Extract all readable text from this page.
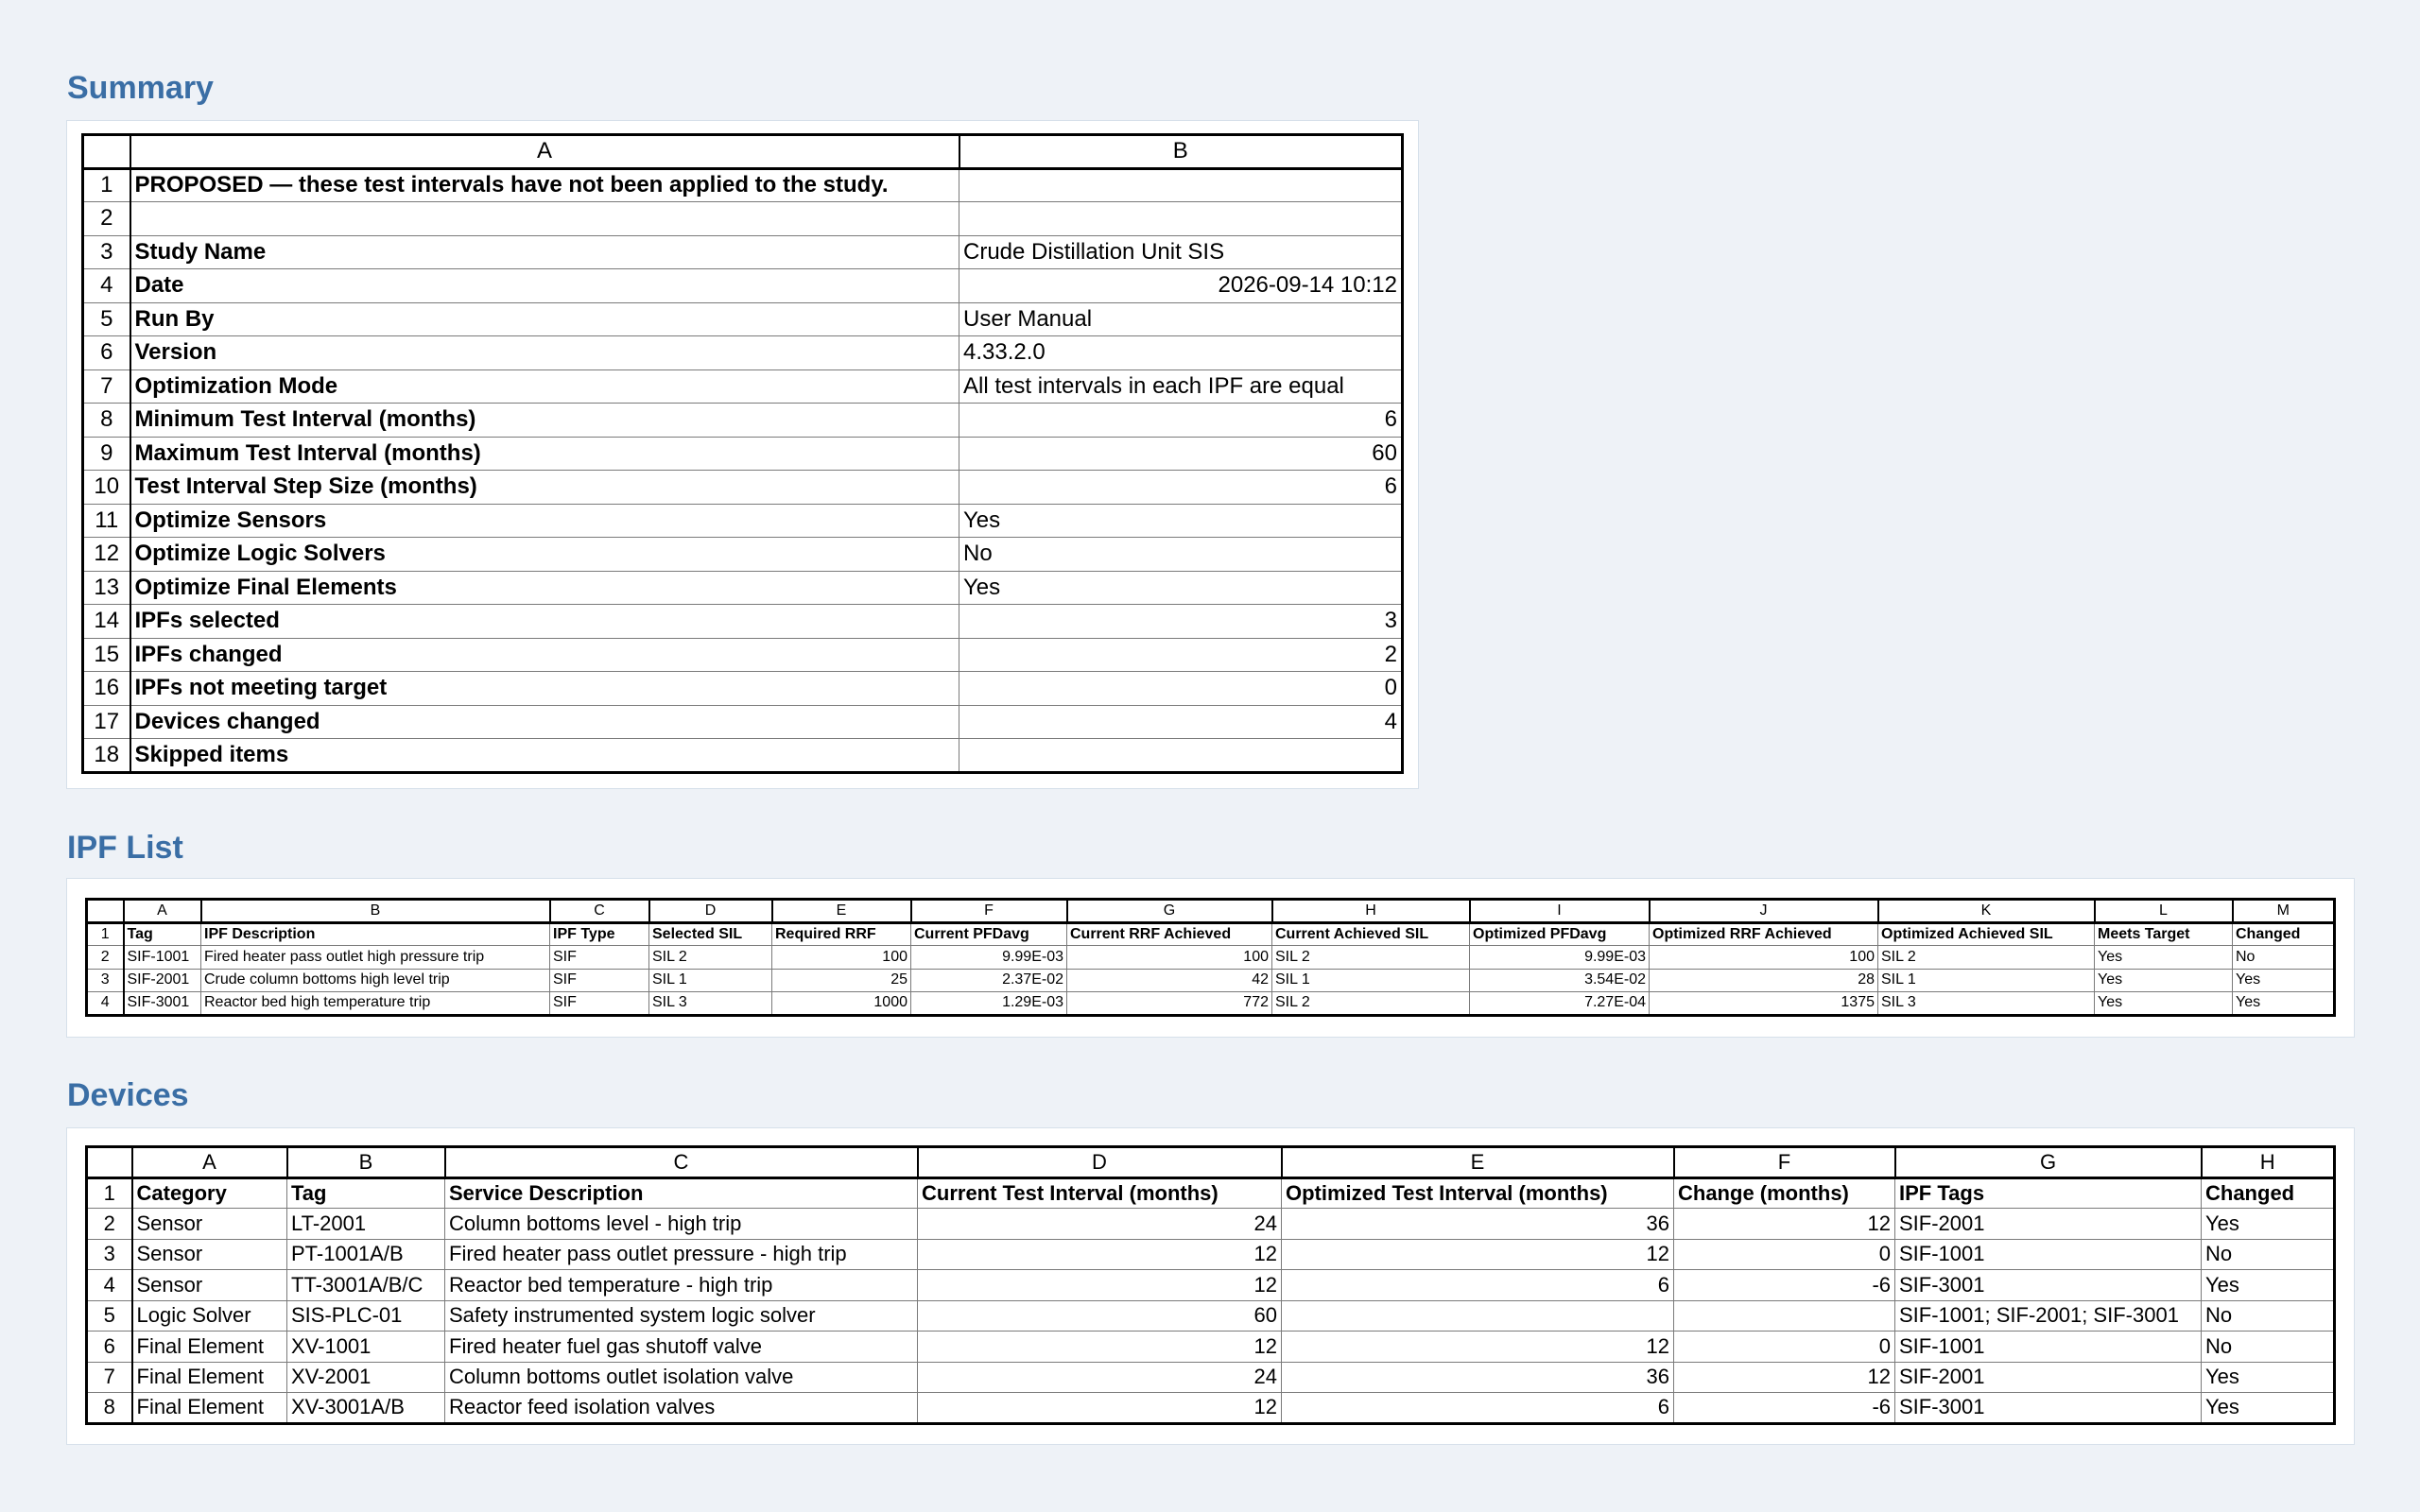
Summary
	A	B
1	PROPOSED — these test intervals have not been applied to the study.	
2		
3	Study Name	Crude Distillation Unit SIS
4	Date	2026-09-14 10:12
5	Run By	User Manual
6	Version	4.33.2.0
7	Optimization Mode	All test intervals in each IPF are equal
8	Minimum Test Interval (months)	6
9	Maximum Test Interval (months)	60
10	Test Interval Step Size (months)	6
11	Optimize Sensors	Yes
12	Optimize Logic Solvers	No
13	Optimize Final Elements	Yes
14	IPFs selected	3
15	IPFs changed	2
16	IPFs not meeting target	0
17	Devices changed	4
18	Skipped items	
IPF List
	A	B	C	D	E	F	G	H	I	J	K	L	M
1	Tag	IPF Description	IPF Type	Selected SIL	Required RRF	Current PFDavg	Current RRF Achieved	Current Achieved SIL	Optimized PFDavg	Optimized RRF Achieved	Optimized Achieved SIL	Meets Target	Changed
2	SIF-1001	Fired heater pass outlet high pressure trip	SIF	SIL 2	100	9.99E-03	100	SIL 2	9.99E-03	100	SIL 2	Yes	No
3	SIF-2001	Crude column bottoms high level trip	SIF	SIL 1	25	2.37E-02	42	SIL 1	3.54E-02	28	SIL 1	Yes	Yes
4	SIF-3001	Reactor bed high temperature trip	SIF	SIL 3	1000	1.29E-03	772	SIL 2	7.27E-04	1375	SIL 3	Yes	Yes
Devices
	A	B	C	D	E	F	G	H
1	Category	Tag	Service Description	Current Test Interval (months)	Optimized Test Interval (months)	Change (months)	IPF Tags	Changed
2	Sensor	LT-2001	Column bottoms level - high trip	24	36	12	SIF-2001	Yes
3	Sensor	PT-1001A/B	Fired heater pass outlet pressure - high trip	12	12	0	SIF-1001	No
4	Sensor	TT-3001A/B/C	Reactor bed temperature - high trip	12	6	-6	SIF-3001	Yes
5	Logic Solver	SIS-PLC-01	Safety instrumented system logic solver	60			SIF-1001; SIF-2001; SIF-3001	No
6	Final Element	XV-1001	Fired heater fuel gas shutoff valve	12	12	0	SIF-1001	No
7	Final Element	XV-2001	Column bottoms outlet isolation valve	24	36	12	SIF-2001	Yes
8	Final Element	XV-3001A/B	Reactor feed isolation valves	12	6	-6	SIF-3001	Yes
